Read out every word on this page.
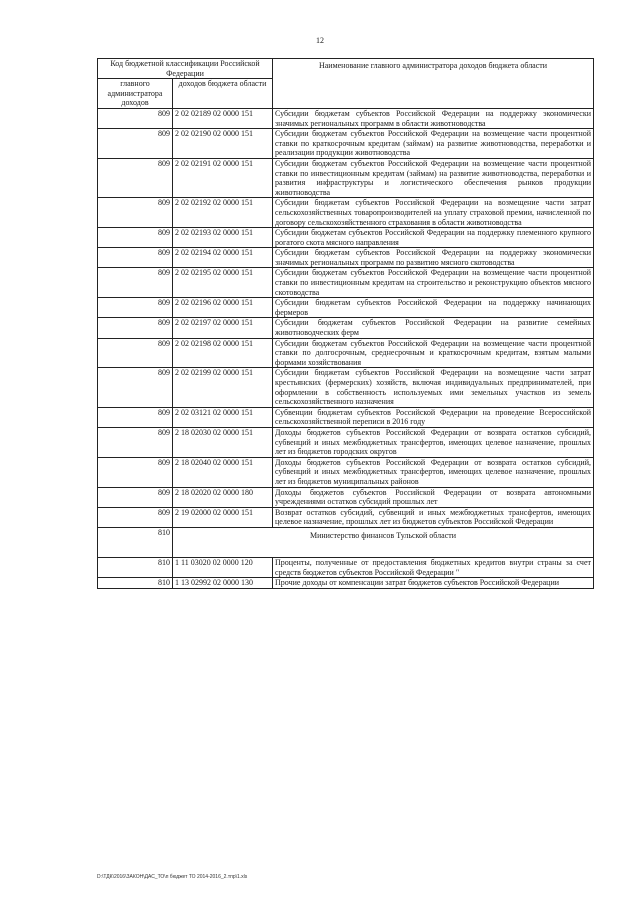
12
Код бюджетной классификации Российской Федерации		Наименование главного администратора доходов бюджета области
главного администратора доходов	доходов бюджета области	
809	2 02 02189 02 0000 151	Субсидии бюджетам субъектов Российской Федерации на поддержку экономически значимых региональных программ в области животноводства
809	2 02 02190 02 0000 151	Субсидии бюджетам субъектов Российской Федерации на возмещение части процентной ставки по краткосрочным кредитам (займам) на развитие животноводства, переработки и реализации продукции животноводства
809	2 02 02191 02 0000 151	Субсидии бюджетам субъектов Российской Федерации на возмещение части процентной ставки по инвестиционным кредитам (займам) на развитие животноводства, переработки и развития инфраструктуры и логистического обеспечения рынков продукции животноводства
809	2 02 02192 02 0000 151	Субсидии бюджетам субъектов Российской Федерации на возмещение части затрат сельскохозяйственных товаропроизводителей на уплату страховой премии, начисленной по договору сельскохозяйственного страхования в области животноводства
809	2 02 02193 02 0000 151	Субсидии бюджетам субъектов Российской Федерации на поддержку племенного крупного рогатого скота мясного направления
809	2 02 02194 02 0000 151	Субсидии бюджетам субъектов Российской Федерации на поддержку экономически значимых региональных программ по развитию мясного скотоводства
809	2 02 02195 02 0000 151	Субсидии бюджетам субъектов Российской Федерации на возмещение части процентной ставки по инвестиционным кредитам на строительство и реконструкцию объектов мясного скотоводства
809	2 02 02196 02 0000 151	Субсидии бюджетам субъектов Российской Федерации на поддержку начинающих фермеров
809	2 02 02197 02 0000 151	Субсидии бюджетам субъектов Российской Федерации на развитие семейных животноводческих ферм
809	2 02 02198 02 0000 151	Субсидии бюджетам субъектов Российской Федерации на возмещение части процентной ставки по долгосрочным, среднесрочным и краткосрочным кредитам, взятым малыми формами хозяйствования
809	2 02 02199 02 0000 151	Субсидии бюджетам субъектов Российской Федерации на возмещение части затрат крестьянских (фермерских) хозяйств, включая индивидуальных предпринимателей, при оформлении в собственность используемых ими земельных участков из земель сельскохозяйственного назначения
809	2 02 03121 02 0000 151	Субвенции бюджетам субъектов Российской Федерации на проведение Всероссийской сельскохозяйственной переписи в 2016 году
809	2 18 02030 02 0000 151	Доходы бюджетов субъектов Российской Федерации от возврата остатков субсидий, субвенций и иных межбюджетных трансфертов, имеющих целевое назначение, прошлых лет из бюджетов городских округов
809	2 18 02040 02 0000 151	Доходы бюджетов субъектов Российской Федерации от возврата остатков субсидий, субвенций и иных межбюджетных трансфертов, имеющих целевое назначение, прошлых лет из бюджетов муниципальных районов
809	2 18 02020 02 0000 180	Доходы бюджетов субъектов Российской Федерации от возврата автономными учреждениями остатков субсидий прошлых лет
809	2 19 02000 02 0000 151	Возврат остатков субсидий, субвенций и иных межбюджетных трансфертов, имеющих целевое назначение, прошлых лет из бюджетов субъектов Российской Федерации
810	Министерство финансов Тульской области	
810	1 11 03020 02 0000 120	Проценты, полученные от предоставления бюджетных кредитов внутри страны за счет средств бюджетов субъектов Российской Федерации "
810	1 13 02992 02 0000 130	Прочие доходы от компенсации затрат бюджетов субъектов Российской Федерации
D:\ТДК\2016\ЗАКОН\ДАС_ТО\п бюджет ТО 2014-2016_2.тпр\1.xls
